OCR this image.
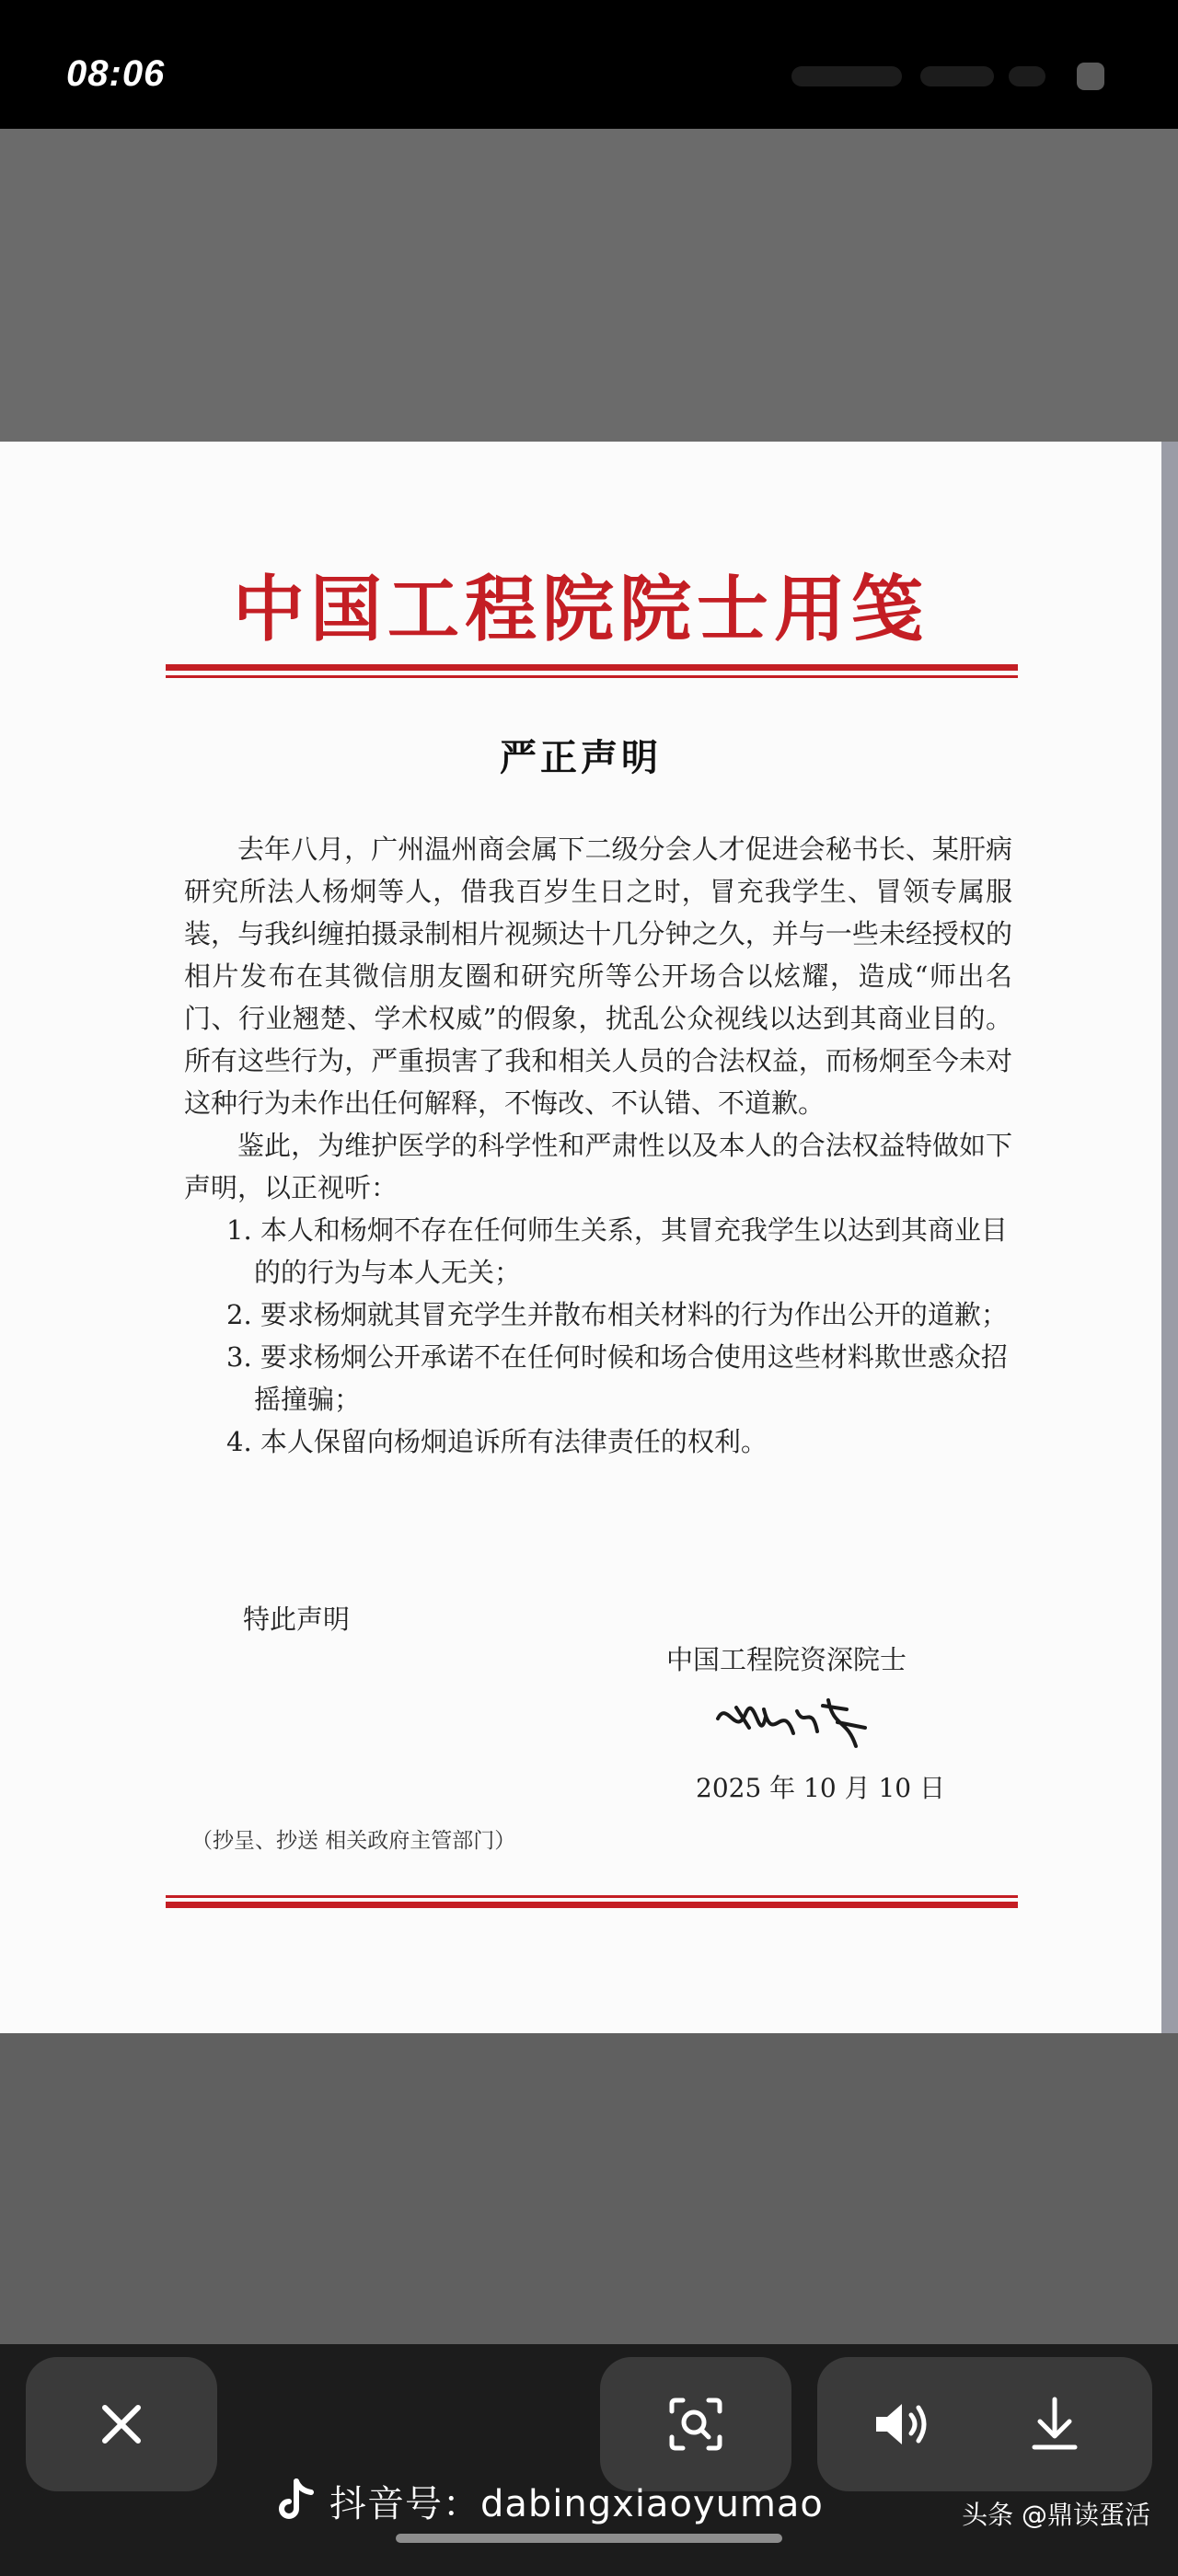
08:06
中国工程院院士用笺
严正声明

去年八月，广州温州商会属下二级分会人才促进会秘书长、某肝病研究所法人杨炯等人，借我百岁生日之时，冒充我学生、冒领专属服装，与我纠缠拍摄录制相片视频达十几分钟之久，并与一些未经授权的相片发布在其微信朋友圈和研究所等公开场合以炫耀，造成“师出名门、行业翘楚、学术权威”的假象，扰乱公众视线以达到其商业目的。所有这些行为，严重损害了我和相关人员的合法权益，而杨炯至今未对这种行为未作出任何解释，不悔改、不认错、不道歉。

鉴此，为维护医学的科学性和严肃性以及本人的合法权益特做如下声明，以正视听：

1. 本人和杨炯不存在任何师生关系，其冒充我学生以达到其商业目的的行为与本人无关；
2. 要求杨炯就其冒充学生并散布相关材料的行为作出公开的道歉；
3. 要求杨炯公开承诺不在任何时候和场合使用这些材料欺世惑众招摇撞骗；
4. 本人保留向杨炯追诉所有法律责任的权利。
特此声明
中国工程院资深院士
2025 年 10 月 10 日
（抄呈、抄送 相关政府主管部门）
抖音号：dabingxiaoyumao	头条 @鼎读蛋活
